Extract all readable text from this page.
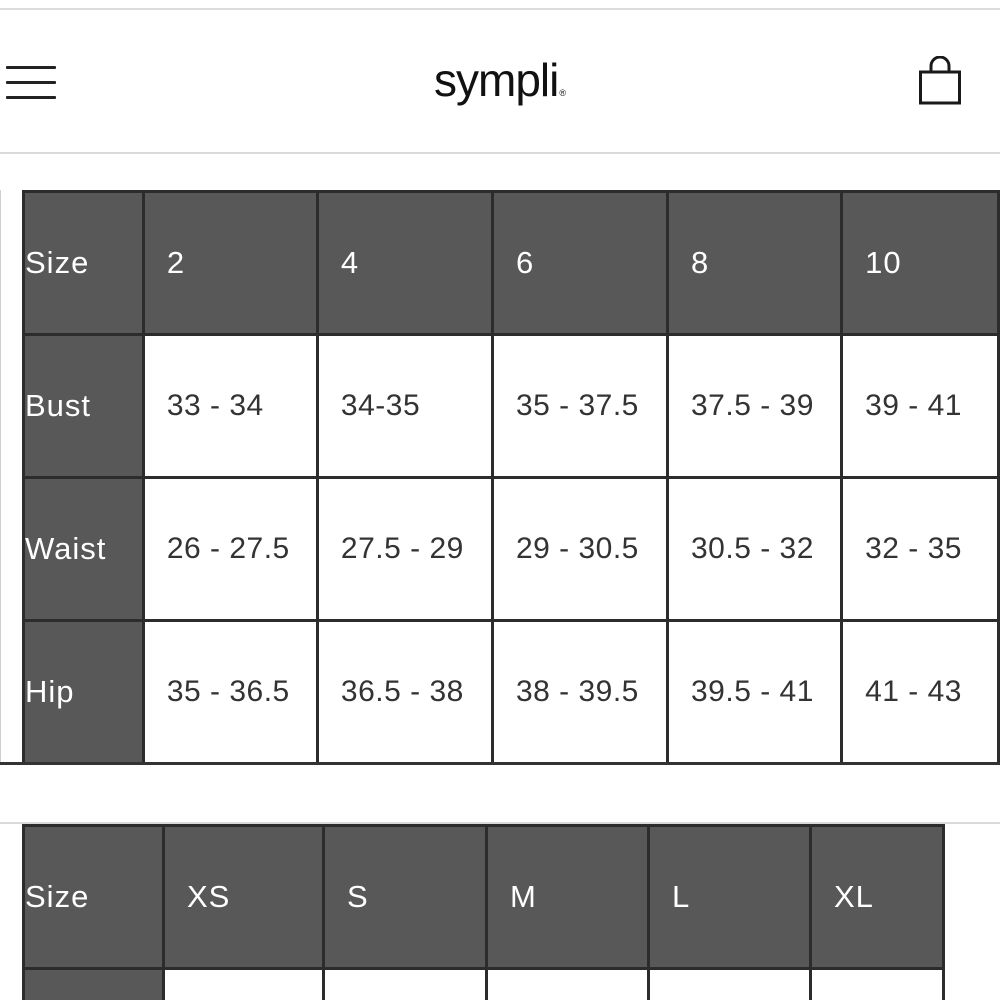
sympli®
Size	2	4	6	8	10
Bust	33 - 34	34-35	35 - 37.5	37.5 - 39	39 - 41
Waist	26 - 27.5	27.5 - 29	29 - 30.5	30.5 - 32	32 - 35
Hip	35 - 36.5	36.5 - 38	38 - 39.5	39.5 - 41	41 - 43
Size	XS	S	M	L	XL
